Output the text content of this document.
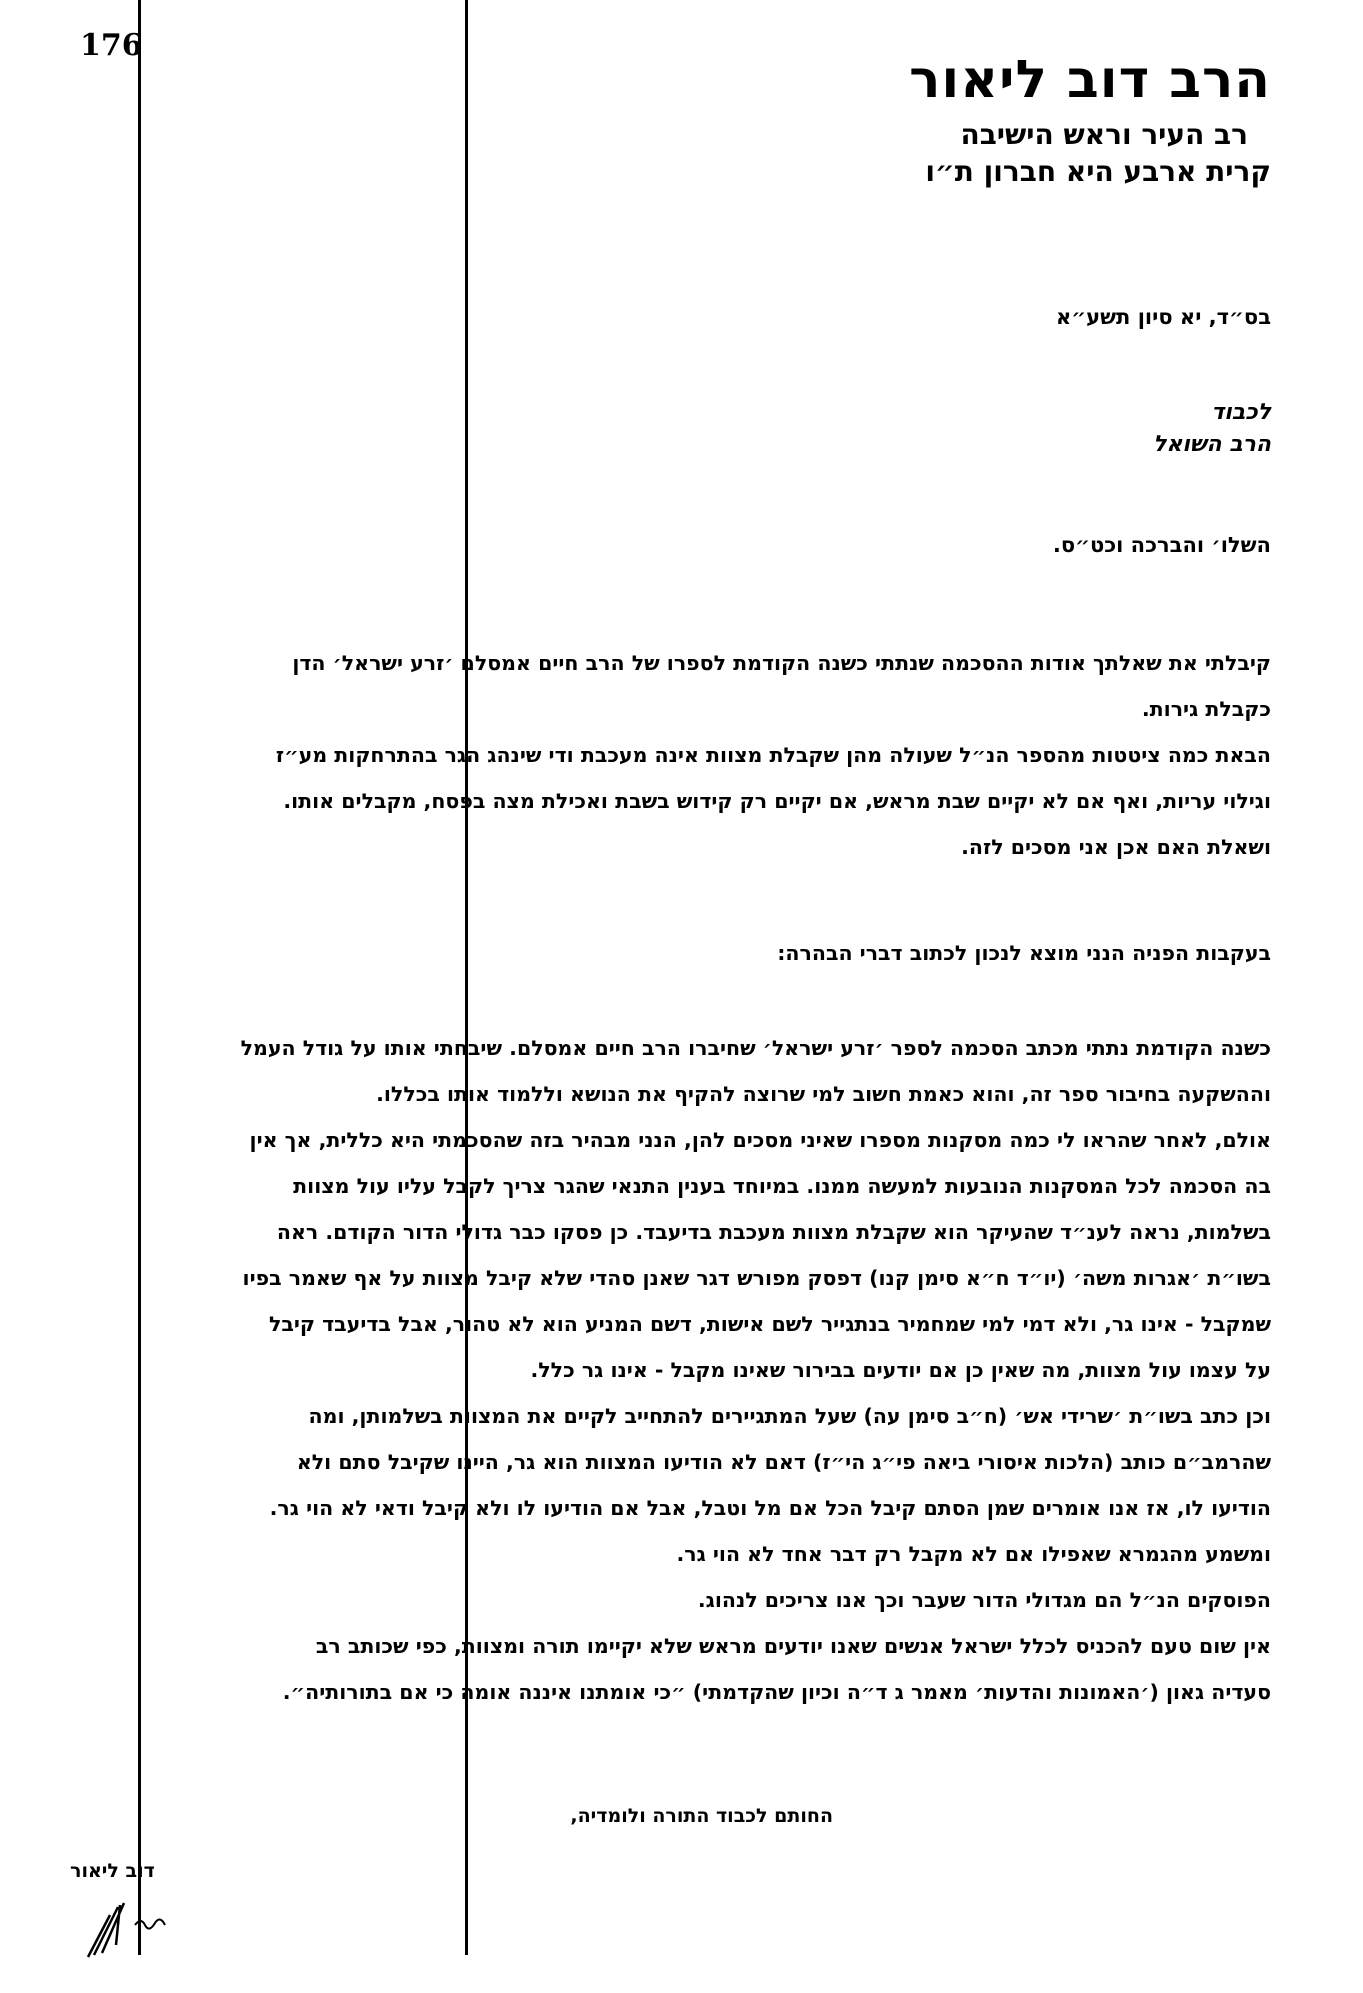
176
הרב דוב ליאור
רב העיר וראש הישיבה
קרית ארבע היא חברון ת״ו
בס״ד, יא סיון תשע״א
לכבוד
הרב השואל
השלו׳ והברכה וכט״ס.
קיבלתי את שאלתך אודות ההסכמה שנתתי כשנה הקודמת לספרו של הרב חיים אמסלם ׳זרע ישראל׳ הדן
כקבלת גירות.
הבאת כמה ציטטות מהספר הנ״ל שעולה מהן שקבלת מצוות אינה מעכבת ודי שינהג הגר בהתרחקות מע״ז
וגילוי עריות, ואף אם לא יקיים שבת מראש, אם יקיים רק קידוש בשבת ואכילת מצה בפסח, מקבלים אותו.
ושאלת האם אכן אני מסכים לזה.
בעקבות הפניה הנני מוצא לנכון לכתוב דברי הבהרה:
כשנה הקודמת נתתי מכתב הסכמה לספר ׳זרע ישראל׳ שחיברו הרב חיים אמסלם. שיבחתי אותו על גודל העמל
וההשקעה בחיבור ספר זה, והוא כאמת חשוב למי שרוצה להקיף את הנושא וללמוד אותו בכללו.
אולם, לאחר שהראו לי כמה מסקנות מספרו שאיני מסכים להן, הנני מבהיר בזה שהסכמתי היא כללית, אך אין
בה הסכמה לכל המסקנות הנובעות למעשה ממנו. במיוחד בענין התנאי שהגר צריך לקבל עליו עול מצוות
בשלמות, נראה לענ״ד שהעיקר הוא שקבלת מצוות מעכבת בדיעבד. כן פסקו כבר גדולי הדור הקודם. ראה
בשו״ת ׳אגרות משה׳ (יו״ד ח״א סימן קנו) דפסק מפורש דגר שאנן סהדי שלא קיבל מצוות על אף שאמר בפיו
שמקבל - אינו גר, ולא דמי למי שמחמיר בנתגייר לשם אישות, דשם המניע הוא לא טהור, אבל בדיעבד קיבל
על עצמו עול מצוות, מה שאין כן אם יודעים בבירור שאינו מקבל - אינו גר כלל.
וכן כתב בשו״ת ׳שרידי אש׳ (ח״ב סימן עה) שעל המתגיירים להתחייב לקיים את המצוות בשלמותן, ומה
שהרמב״ם כותב (הלכות איסורי ביאה פי״ג הי״ז) דאם לא הודיעו המצוות הוא גר, היינו שקיבל סתם ולא
הודיעו לו, אז אנו אומרים שמן הסתם קיבל הכל אם מל וטבל, אבל אם הודיעו לו ולא קיבל ודאי לא הוי גר.
ומשמע מהגמרא שאפילו אם לא מקבל רק דבר אחד לא הוי גר.
הפוסקים הנ״ל הם מגדולי הדור שעבר וכך אנו צריכים לנהוג.
אין שום טעם להכניס לכלל ישראל אנשים שאנו יודעים מראש שלא יקיימו תורה ומצוות, כפי שכותב רב
סעדיה גאון (׳האמונות והדעות׳ מאמר ג ד״ה וכיון שהקדמתי) ״כי אומתנו איננה אומה כי אם בתורותיה״.
החותם לכבוד התורה ולומדיה,
דוב ליאור
